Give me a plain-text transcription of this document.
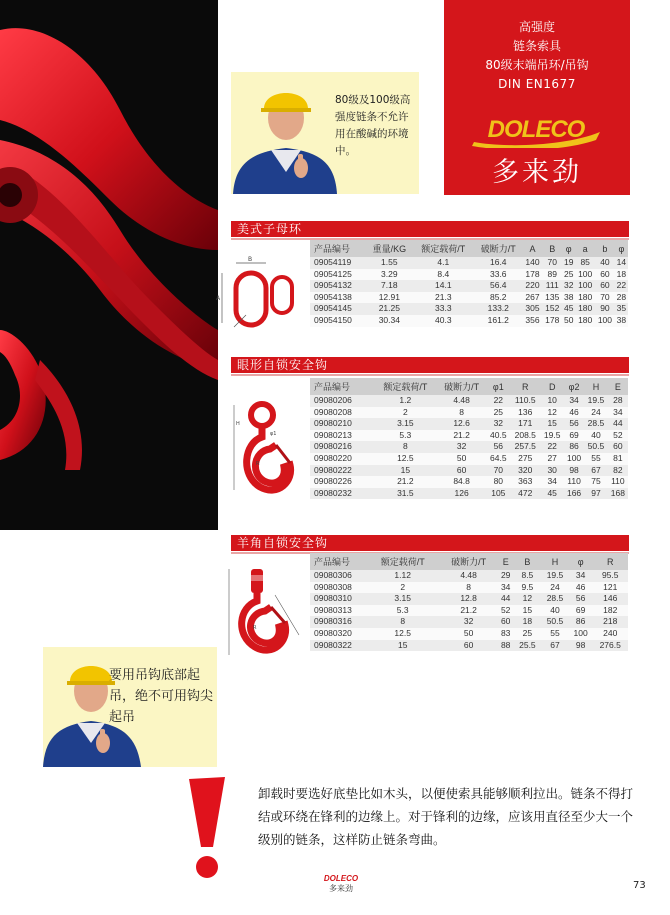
高强度
链条索具
80级末端吊环/吊钩
DIN EN1677
DOLECO
多来劲
80级及100级高强度链条不允许用在酸碱的环境中。
美式子母环
A
B
产品编号	重量/KG	额定载荷/T	破断力/T	A	B	φ	a	b	φ
09054119	1.55	4.1	16.4	140	70	19	85	40	14
09054125	3.29	8.4	33.6	178	89	25	100	60	18
09054132	7.18	14.1	56.4	220	111	32	100	60	22
09054138	12.91	21.3	85.2	267	135	38	180	70	28
09054145	21.25	33.3	133.2	305	152	45	180	90	35
09054150	30.34	40.3	161.2	356	178	50	180	100	38
眼形自锁安全钩
H
φ1
R
产品编号	额定载荷/T	破断力/T	φ1	R	D	φ2	H	E
09080206	1.2	4.48	22	110.5	10	34	19.5	28
09080208	2	8	25	136	12	46	24	34
09080210	3.15	12.6	32	171	15	56	28.5	44
09080213	5.3	21.2	40.5	208.5	19.5	69	40	52
09080216	8	32	56	257.5	22	86	50.5	60
09080220	12.5	50	64.5	275	27	100	55	81
09080222	15	60	70	320	30	98	67	82
09080226	21.2	84.8	80	363	34	110	75	110
09080232	31.5	126	105	472	45	166	97	168
羊角自锁安全钩
R
产品编号	额定载荷/T	破断力/T	E	B	H	φ	R
09080306	1.12	4.48	29	8.5	19.5	34	95.5
09080308	2	8	34	9.5	24	46	121
09080310	3.15	12.8	44	12	28.5	56	146
09080313	5.3	21.2	52	15	40	69	182
09080316	8	32	60	18	50.5	86	218
09080320	12.5	50	83	25	55	100	240
09080322	15	60	88	25.5	67	98	276.5
要用吊钩底部起吊，绝不可用钩尖起吊
卸载时要选好底垫比如木头，以便使索具能够顺利拉出。链条不得打结或环绕在锋利的边缘上。对于锋利的边缘，应该用直径至少大一个级别的链条，这样防止链条弯曲。
DOLECO
多来劲	73
